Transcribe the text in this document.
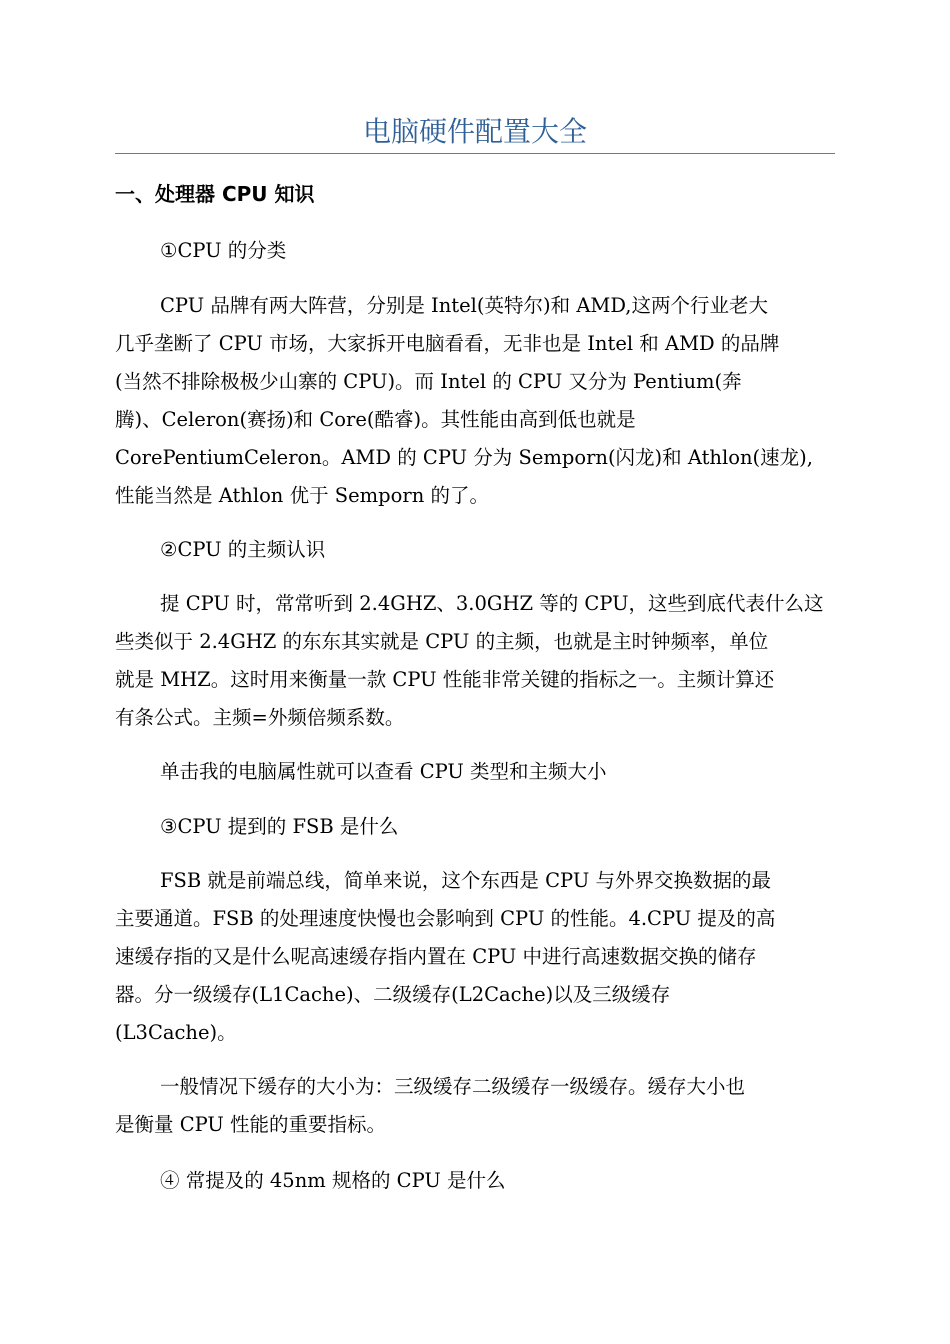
电脑硬件配置大全
一、处理器 CPU 知识

①CPU 的分类

CPU 品牌有两大阵营，分别是 Intel(英特尔)和 AMD,这两个行业老大
几乎垄断了 CPU 市场，大家拆开电脑看看，无非也是 Intel 和 AMD 的品牌
(当然不排除极极少山寨的 CPU)。而 Intel 的 CPU 又分为 Pentium(奔
腾)、Celeron(赛扬)和 Core(酷睿)。其性能由高到低也就是
CorePentiumCeleron。AMD 的 CPU 分为 Semporn(闪龙)和 Athlon(速龙),
性能当然是 Athlon 优于 Semporn 的了。

②CPU 的主频认识

提 CPU 时，常常听到 2.4GHZ、3.0GHZ 等的 CPU，这些到底代表什么这
些类似于 2.4GHZ 的东东其实就是 CPU 的主频，也就是主时钟频率，单位
就是 MHZ。这时用来衡量一款 CPU 性能非常关键的指标之一。主频计算还
有条公式。主频=外频倍频系数。

单击我的电脑属性就可以查看 CPU 类型和主频大小

③CPU 提到的 FSB 是什么

FSB 就是前端总线，简单来说，这个东西是 CPU 与外界交换数据的最
主要通道。FSB 的处理速度快慢也会影响到 CPU 的性能。4.CPU 提及的高
速缓存指的又是什么呢高速缓存指内置在 CPU 中进行高速数据交换的储存
器。分一级缓存(L1Cache)、二级缓存(L2Cache)以及三级缓存
(L3Cache)。
一般情况下缓存的大小为：三级缓存二级缓存一级缓存。缓存大小也
是衡量 CPU 性能的重要指标。

④ 常提及的 45nm 规格的 CPU 是什么
